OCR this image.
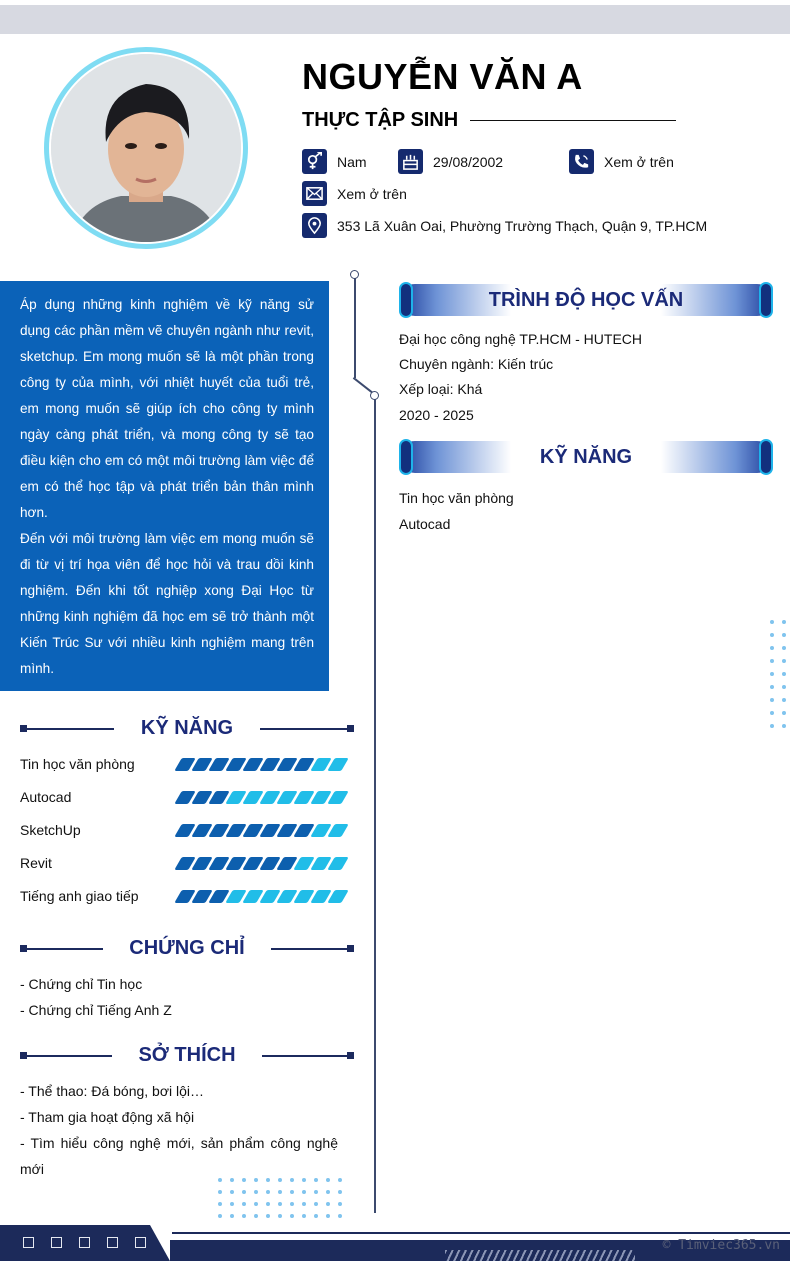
NGUYỄN VĂN A
THỰC TẬP SINH
Nam	29/08/2002	Xem ở trên
Xem ở trên
353 Lã Xuân Oai, Phường Trường Thạch, Quận 9, TP.HCM

Áp dụng những kinh nghiệm về kỹ năng sử dụng các phần mềm vẽ chuyên ngành như revit, sketchup. Em mong muốn sẽ là một phần trong công ty của mình, với nhiệt huyết của tuổi trẻ, em mong muốn sẽ giúp ích cho công ty mình ngày càng phát triển, và mong công ty sẽ tạo điều kiện cho em có một môi trường làm việc để em có thể học tập và phát triển bản thân mình hơn.

Đến với môi trường làm việc em mong muốn sẽ đi từ vị trí họa viên để học hỏi và trau dồi kinh nghiệm. Đến khi tốt nghiệp xong Đại Học từ những kinh nghiệm đã học em sẽ trở thành một Kiến Trúc Sư với nhiều kinh nghiệm mang trên mình.

KỸ NĂNG
Tin học văn phòng
Autocad
SketchUp
Revit
Tiếng anh giao tiếp
CHỨNG CHỈ
- Chứng chỉ Tin học
- Chứng chỉ Tiếng Anh Z
SỞ THÍCH
- Thể thao: Đá bóng, bơi lội…
- Tham gia hoạt động xã hội
- Tìm hiểu công nghệ mới, sản phẩm công nghệ mới
TRÌNH ĐỘ HỌC VẤN
Đại học công nghệ TP.HCM - HUTECH
Chuyên ngành: Kiến trúc
Xếp loại: Khá
2020 - 2025
KỸ NĂNG
Tin học văn phòng
Autocad
© Timviec365.vn
